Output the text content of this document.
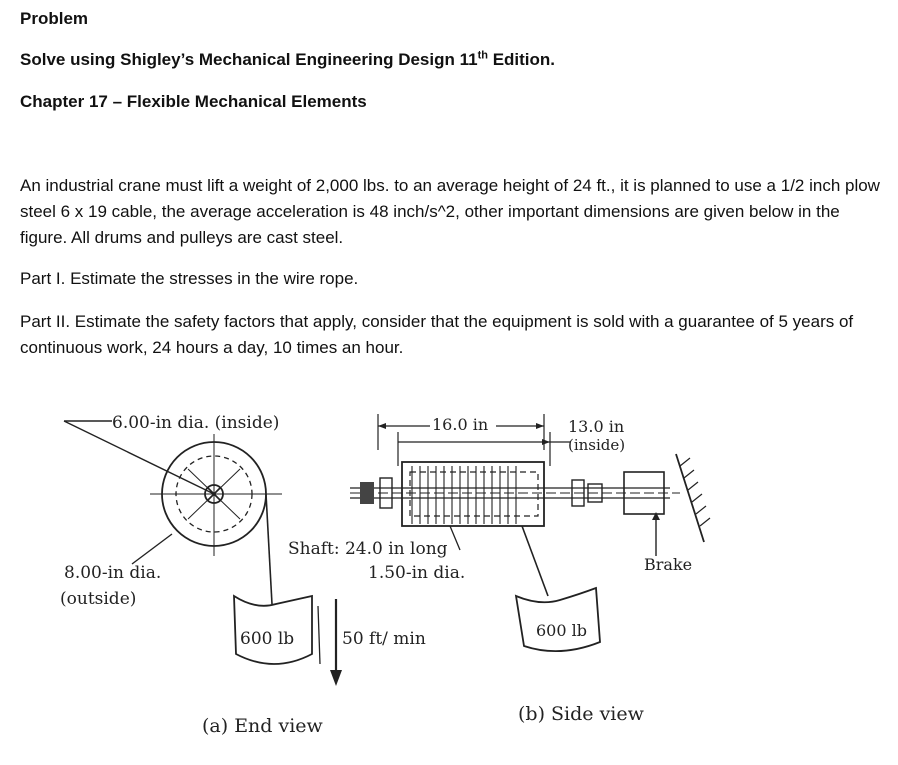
Problem
Solve using Shigley’s Mechanical Engineering Design 11th Edition.
Chapter 17 – Flexible Mechanical Elements
An industrial crane must lift a weight of 2,000 lbs. to an average height of 24 ft., it is planned to use a 1/2 inch plow steel 6 x 19 cable, the average acceleration is 48 inch/s^2, other important dimensions are given below in the figure. All drums and pulleys are cast steel.
Part I. Estimate the stresses in the wire rope.
Part II. Estimate the safety factors that apply, consider that the equipment is sold with a guarantee of 5 years of continuous work, 24 hours a day, 10 times an hour.
6.00-in dia. (inside)
8.00-in dia.
(outside)
16.0 in	13.0 in
(inside)
Shaft: 24.0 in long
1.50-in dia.	Brake
600 lb	50 ft/ min	600 lb
(a) End view
(b) Side view
